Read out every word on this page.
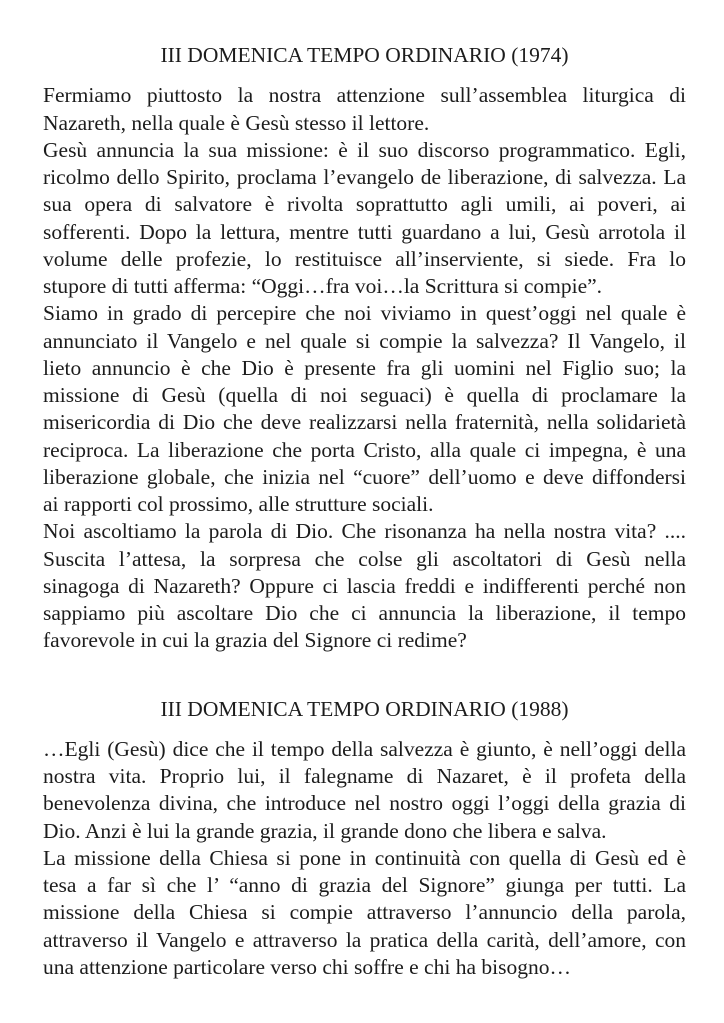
III DOMENICA TEMPO ORDINARIO (1974)
Fermiamo piuttosto la nostra attenzione sull’assemblea liturgica di
Nazareth, nella quale è Gesù stesso il lettore.
Gesù annuncia la sua missione: è il suo discorso programmatico. Egli,
ricolmo dello Spirito, proclama l’evangelo de liberazione, di salvezza. La
sua opera di salvatore è rivolta soprattutto agli umili, ai poveri, ai
sofferenti. Dopo la lettura, mentre tutti guardano a lui, Gesù arrotola il
volume delle profezie, lo restituisce all’inserviente, si siede. Fra lo
stupore di tutti afferma: “Oggi…fra voi…la Scrittura si compie”.
Siamo in grado di percepire che noi viviamo in quest’oggi nel quale è
annunciato il Vangelo e nel quale si compie la salvezza? Il Vangelo, il
lieto annuncio è che Dio è presente fra gli uomini nel Figlio suo; la
missione di Gesù (quella di noi seguaci) è quella di proclamare la
misericordia di Dio che deve realizzarsi nella fraternità, nella solidarietà
reciproca. La liberazione che porta Cristo, alla quale ci impegna, è una
liberazione globale, che inizia nel “cuore” dell’uomo e deve diffondersi
ai rapporti col prossimo, alle strutture sociali.
Noi ascoltiamo la parola di Dio. Che risonanza ha nella nostra vita? ....
Suscita l’attesa, la sorpresa che colse gli ascoltatori di Gesù nella
sinagoga di Nazareth? Oppure ci lascia freddi e indifferenti perché non
sappiamo più ascoltare Dio che ci annuncia la liberazione, il tempo
favorevole in cui la grazia del Signore ci redime?
III DOMENICA TEMPO ORDINARIO (1988)
…Egli (Gesù) dice che il tempo della salvezza è giunto, è nell’oggi della
nostra vita. Proprio lui, il falegname di Nazaret, è il profeta della
benevolenza divina, che introduce nel nostro oggi l’oggi della grazia di
Dio. Anzi è lui la grande grazia, il grande dono che libera e salva.
La missione della Chiesa si pone in continuità con quella di Gesù ed è
tesa a far sì che l’ “anno di grazia del Signore” giunga per tutti. La
missione della Chiesa si compie attraverso l’annuncio della parola,
attraverso il Vangelo e attraverso la pratica della carità, dell’amore, con
una attenzione particolare verso chi soffre e chi ha bisogno…
